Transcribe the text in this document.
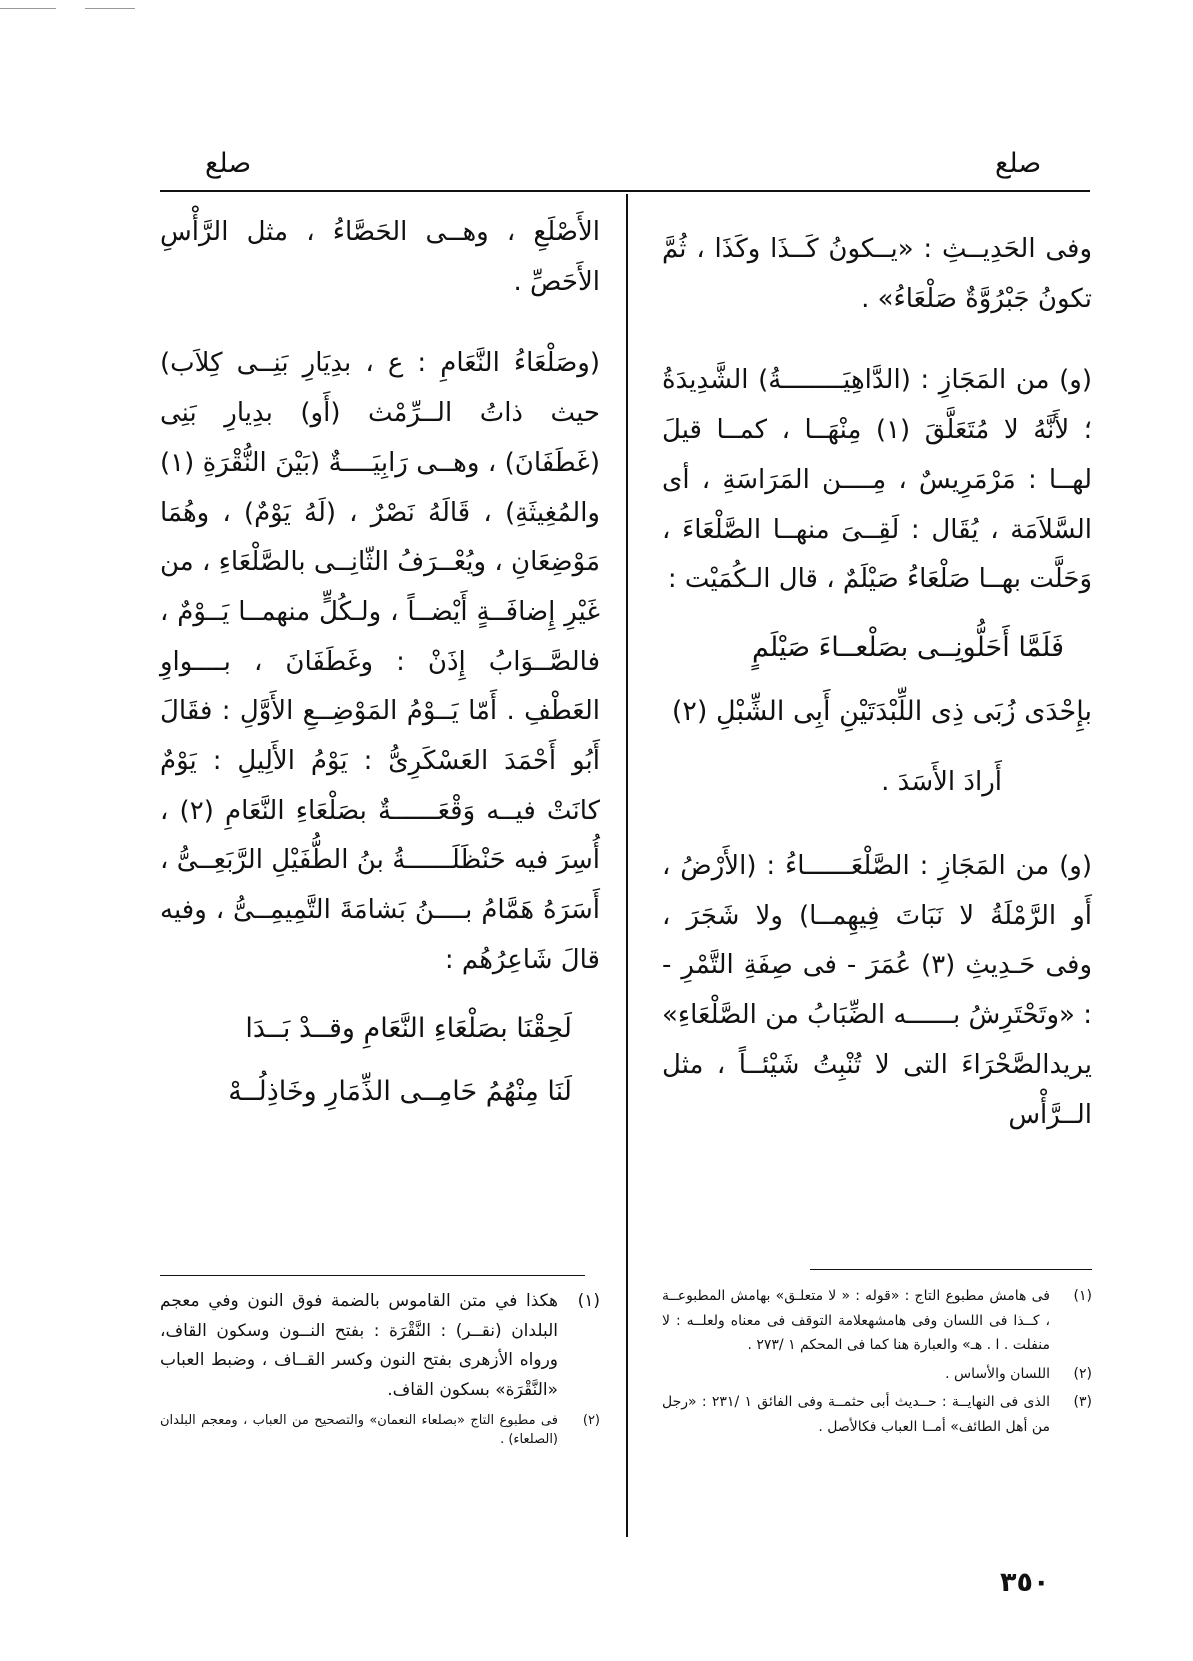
صلع	صلع

وفى الحَدِيــثِ : «يــكونُ كَــذَا وكَذَا ، ثُمَّ تكونُ جَبْرُوَّةٌ صَلْعَاءُ» .

(و) من المَجَازِ : (الدَّاهِيَــــــــةُ) الشَّدِيدَةُ ؛ لأَنَّهُ لا مُتَعَلَّقَ (١) مِنْهَــا ، كمــا قيلَ لهــا : مَرْمَرِيسٌ ، مِــــن المَرَاسَةِ ، أى السَّلاَمَة ، يُقَال : لَقِــىَ منهــا الصَّلْعَاءَ ، وَحَلَّت بهــا صَلْعَاءُ صَيْلَمٌ ، قال الـكُمَيْت :

فَلَمَّا أَحَلُّونِــى بصَلْعــاءَ صَيْلَمٍ

بإِحْدَى زُبَى ذِى اللِّبْدَتَيْنِ أَبِى الشِّبْلِ (٢)

أَرادَ الأَسَدَ .

(و) من المَجَازِ : الصَّلْعَــــــاءُ : (الأَرْضُ ، أَو الرَّمْلَةُ لا نَبَاتَ فِيهِمــا) ولا شَجَرَ ، وفى حَـدِيثِ (٣) عُمَرَ - فى صِفَةِ التَّمْرِ - : «وتَحْتَرِشُ بــــــه الضِّبَابُ من الصَّلْعَاءِ» يريدالصَّحْرَاءَ التى لا تُنْبِتُ شَيْئــاً ، مثل الــرَّأْس

الأَصْلَعِ ، وهــى الحَصَّاءُ ، مثل الرَّأْسِ الأَحَصِّ .

(وصَلْعَاءُ النَّعَامِ : ع ، بدِيَارِ بَنِــى كِلاَب) حيث ذاتُ الــرِّمْث (أَو) بدِيارِ بَنِى (غَطَفَانَ) ، وهــى رَابِيَــــةٌ (بَيْنَ النُّقْرَةِ (١) والمُغِيثَةِ) ، قَالَهُ نَصْرٌ ، (لَهُ يَوْمٌ) ، وهُمَا مَوْضِعَانِ ، ويُعْــرَفُ الثّانِــى بالصَّلْعَاءِ ، من غَيْرِ إِضافَــةٍ أَيْضــاً ، ولـكُلٍّ منهمــا يَــوْمٌ ، فالصَّــوَابُ إِذَنْ : وغَطَفَانَ ، بــــواوِ العَطْفِ . أَمّا يَــوْمُ المَوْضِــعِ الأَوَّلِ : فقَالَ أَبُو أَحْمَدَ العَسْكَرِىُّ : يَوْمُ الأَلِيلِ : يَوْمٌ كانَتْ فيــه وَقْعَــــــةٌ بصَلْعَاءِ النَّعَامِ (٢) ، أُسِرَ فيه حَنْظَلَــــــةُ بنُ الطُّفَيْلِ الرَّبَعِــىُّ ، أَسَرَهُ هَمَّامُ بــــنُ بَشامَةَ التَّمِيمِــىُّ ، وفيه قالَ شَاعِرُهُم :

لَحِقْنَا بصَلْعَاءِ النَّعَامِ وقــدْ بَــدَا

لَنَا مِنْهُمُ حَامِــى الذِّمَارِ وخَاذِلُــهْ

(١)
فى هامش مطبوع التاج : «قوله : « لا متعلـق» بهامش المطبوعــة ، كــذا فى اللسان وفى هامشهعلامة التوقف فى معناه ولعلــه : لا منفلت . ا . هـ» والعبارة هنا كما فى المحكم ١ /٢٧٣ .
(٢)
اللسان والأساس .
(٣)
الذى فى النهايــة : حــديث أبى حثمــة وفى الفائق ١ /٢٣١ : «رجل من أهل الطائف» أمــا العباب فكالأصل .
(١)
هكذا في متن القاموس بالضمة فوق النون وفي معجم البلدان (نقــر) : النَّقْرَة : بفتح النــون وسكون القاف، ورواه الأزهرى بفتح النون وكسر القــاف ، وضبط العباب «النَّقْرَة» بسكون القاف.
(٢)
فى مطبوع التاج «بصلعاء النعمان» والتصحيح من العباب ، ومعجم البلدان (الصلعاء) .
٣٥٠
